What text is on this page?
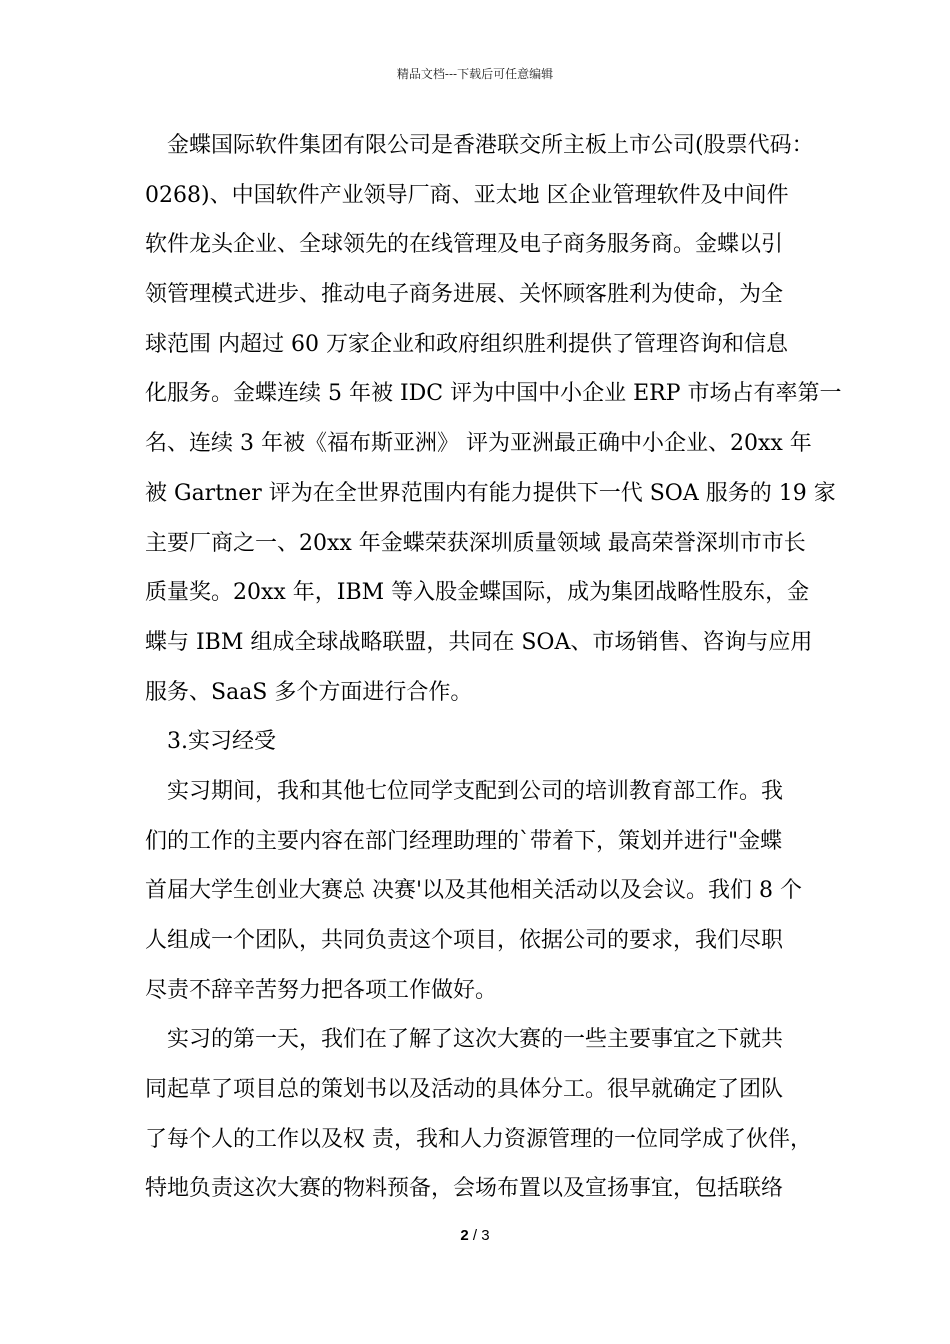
精品文档---下载后可任意编辑
金蝶国际软件集团有限公司是香港联交所主板上市公司(股票代码：
0268)、中国软件产业领导厂商、亚太地 区企业管理软件及中间件
软件龙头企业、全球领先的在线管理及电子商务服务商。金蝶以引
领管理模式进步、推动电子商务进展、关怀顾客胜利为使命，为全
球范围 内超过 60 万家企业和政府组织胜利提供了管理咨询和信息
化服务。金蝶连续 5 年被 IDC 评为中国中小企业 ERP 市场占有率第一
名、连续 3 年被《福布斯亚洲》 评为亚洲最正确中小企业、20xx 年
被 Gartner 评为在全世界范围内有能力提供下一代 SOA 服务的 19 家
主要厂商之一、20xx 年金蝶荣获深圳质量领域 最高荣誉深圳市市长
质量奖。20xx 年，IBM 等入股金蝶国际，成为集团战略性股东，金
蝶与 IBM 组成全球战略联盟，共同在 SOA、市场销售、咨询与应用
服务、SaaS 多个方面进行合作。
3.实习经受
实习期间，我和其他七位同学支配到公司的培训教育部工作。我
们的工作的主要内容在部门经理助理的`带着下，策划并进行"金蝶
首届大学生创业大赛总 决赛'以及其他相关活动以及会议。我们 8 个
人组成一个团队，共同负责这个项目，依据公司的要求，我们尽职
尽责不辞辛苦努力把各项工作做好。
实习的第一天，我们在了解了这次大赛的一些主要事宜之下就共
同起草了项目总的策划书以及活动的具体分工。很早就确定了团队
了每个人的工作以及权 责，我和人力资源管理的一位同学成了伙伴，
特地负责这次大赛的物料预备，会场布置以及宣扬事宜，包括联络
2 / 3
